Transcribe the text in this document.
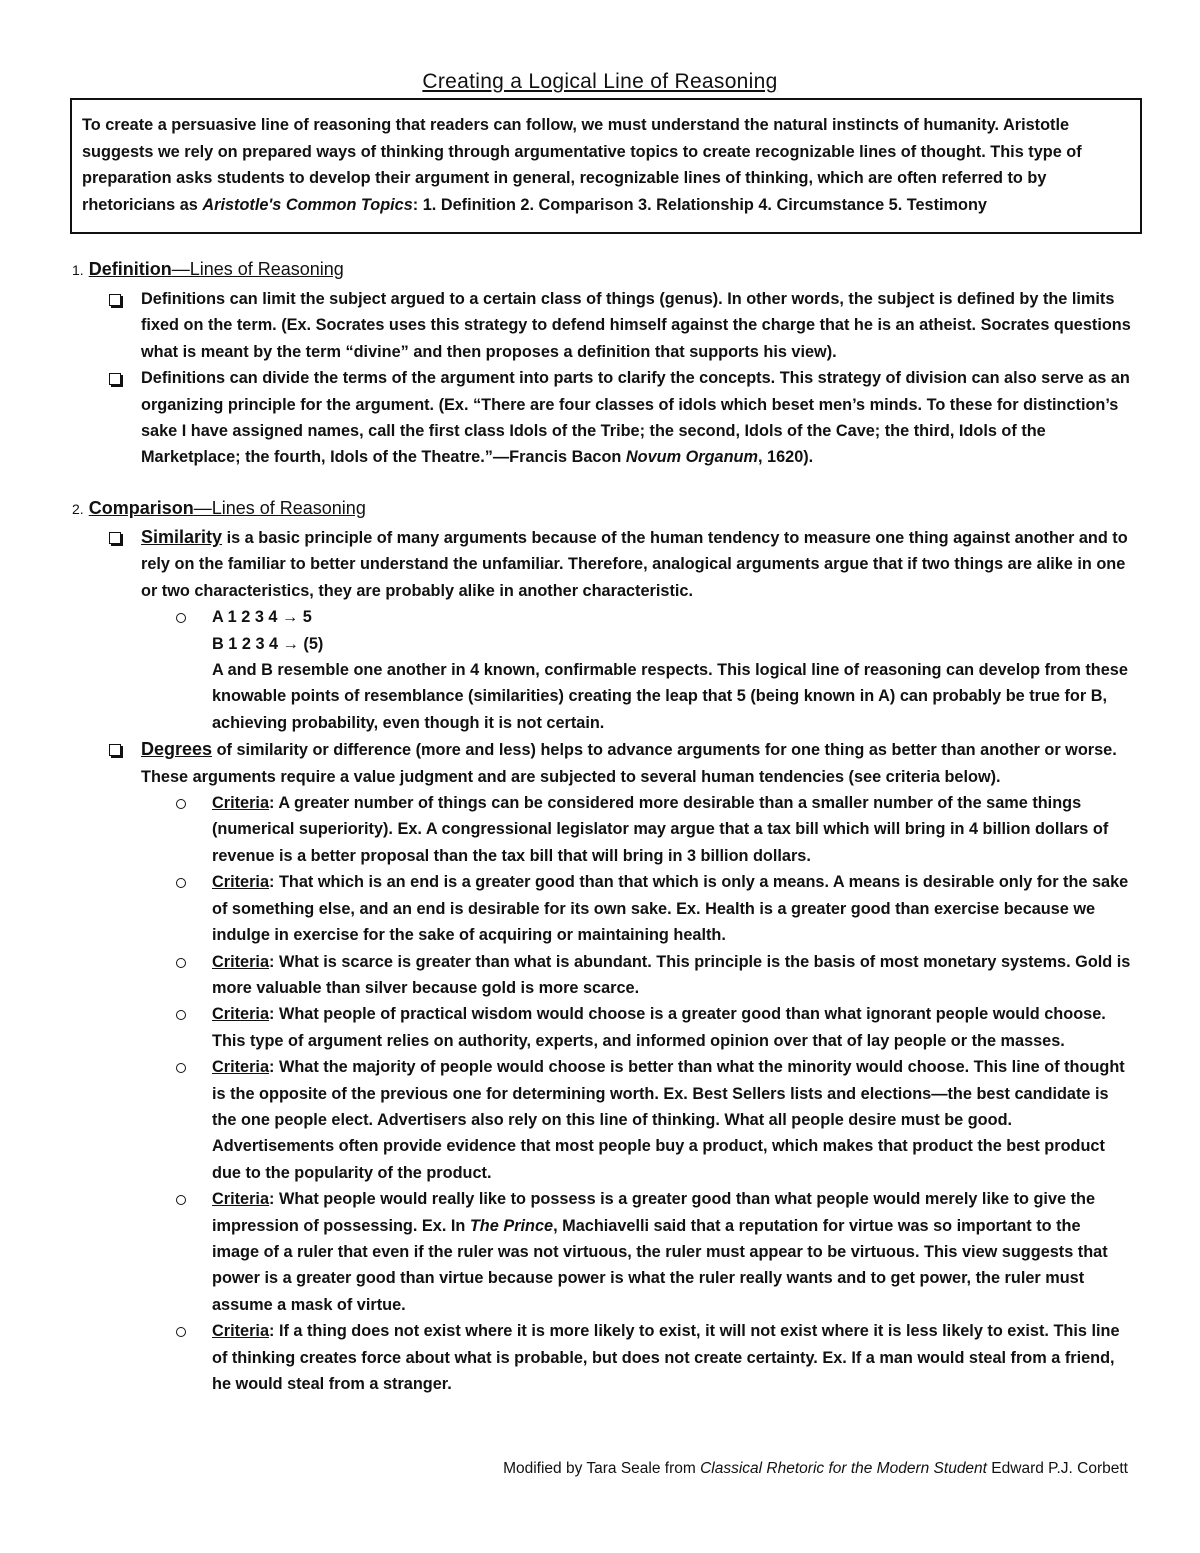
Creating a Logical Line of Reasoning
To create a persuasive line of reasoning that readers can follow, we must understand the natural instincts of humanity. Aristotle suggests we rely on prepared ways of thinking through argumentative topics to create recognizable lines of thought. This type of preparation asks students to develop their argument in general, recognizable lines of thinking, which are often referred to by rhetoricians as Aristotle's Common Topics: 1. Definition 2. Comparison 3. Relationship 4. Circumstance 5. Testimony
1. Definition—Lines of Reasoning
Definitions can limit the subject argued to a certain class of things (genus). In other words, the subject is defined by the limits fixed on the term. (Ex. Socrates uses this strategy to defend himself against the charge that he is an atheist. Socrates questions what is meant by the term “divine” and then proposes a definition that supports his view).
Definitions can divide the terms of the argument into parts to clarify the concepts. This strategy of division can also serve as an organizing principle for the argument. (Ex. “There are four classes of idols which beset men’s minds. To these for distinction’s sake I have assigned names, call the first class Idols of the Tribe; the second, Idols of the Cave; the third, Idols of the Marketplace; the fourth, Idols of the Theatre.”—Francis Bacon Novum Organum, 1620).
2. Comparison—Lines of Reasoning
Similarity is a basic principle of many arguments because of the human tendency to measure one thing against another and to rely on the familiar to better understand the unfamiliar. Therefore, analogical arguments argue that if two things are alike in one or two characteristics, they are probably alike in another characteristic.
A 1 2 3 4 → 5
B 1 2 3 4 → (5)
A and B resemble one another in 4 known, confirmable respects. This logical line of reasoning can develop from these knowable points of resemblance (similarities) creating the leap that 5 (being known in A) can probably be true for B, achieving probability, even though it is not certain.
Degrees of similarity or difference (more and less) helps to advance arguments for one thing as better than another or worse. These arguments require a value judgment and are subjected to several human tendencies (see criteria below).
Criteria: A greater number of things can be considered more desirable than a smaller number of the same things (numerical superiority). Ex. A congressional legislator may argue that a tax bill which will bring in 4 billion dollars of revenue is a better proposal than the tax bill that will bring in 3 billion dollars.
Criteria: That which is an end is a greater good than that which is only a means. A means is desirable only for the sake of something else, and an end is desirable for its own sake. Ex. Health is a greater good than exercise because we indulge in exercise for the sake of acquiring or maintaining health.
Criteria: What is scarce is greater than what is abundant. This principle is the basis of most monetary systems. Gold is more valuable than silver because gold is more scarce.
Criteria: What people of practical wisdom would choose is a greater good than what ignorant people would choose. This type of argument relies on authority, experts, and informed opinion over that of lay people or the masses.
Criteria: What the majority of people would choose is better than what the minority would choose. This line of thought is the opposite of the previous one for determining worth. Ex. Best Sellers lists and elections—the best candidate is the one people elect. Advertisers also rely on this line of thinking. What all people desire must be good. Advertisements often provide evidence that most people buy a product, which makes that product the best product due to the popularity of the product.
Criteria: What people would really like to possess is a greater good than what people would merely like to give the impression of possessing. Ex. In The Prince, Machiavelli said that a reputation for virtue was so important to the image of a ruler that even if the ruler was not virtuous, the ruler must appear to be virtuous. This view suggests that power is a greater good than virtue because power is what the ruler really wants and to get power, the ruler must assume a mask of virtue.
Criteria: If a thing does not exist where it is more likely to exist, it will not exist where it is less likely to exist. This line of thinking creates force about what is probable, but does not create certainty. Ex. If a man would steal from a friend, he would steal from a stranger.
Modified by Tara Seale from Classical Rhetoric for the Modern Student Edward P.J. Corbett
